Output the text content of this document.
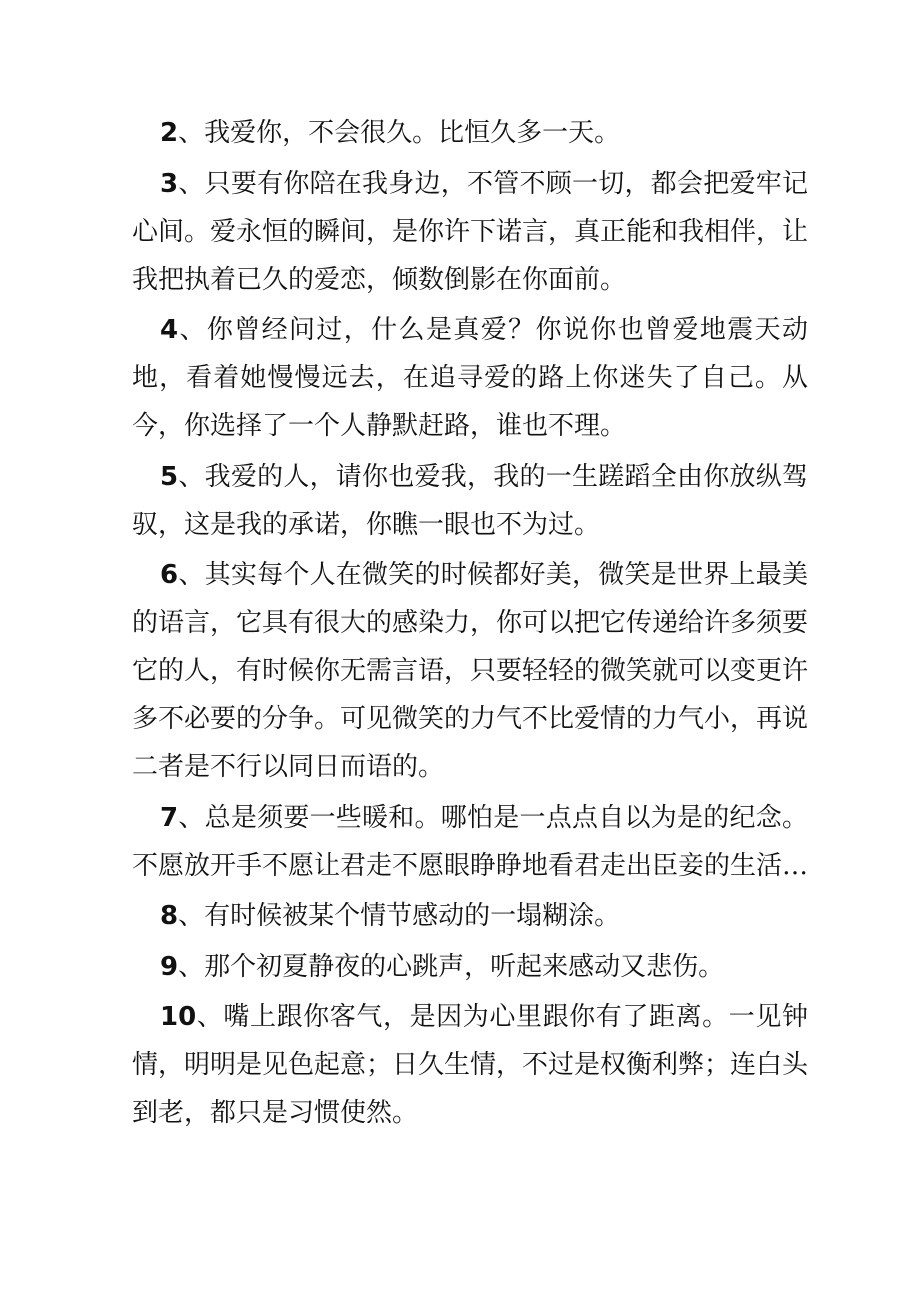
2、我爱你，不会很久。比恒久多一天。

3、只要有你陪在我身边，不管不顾一切，都会把爱牢记心间。爱永恒的瞬间，是你许下诺言，真正能和我相伴，让我把执着已久的爱恋，倾数倒影在你面前。

4、你曾经问过，什么是真爱？你说你也曾爱地震天动地，看着她慢慢远去，在追寻爱的路上你迷失了自己。从今，你选择了一个人静默赶路，谁也不理。

5、我爱的人，请你也爱我，我的一生蹉蹈全由你放纵驾驭，这是我的承诺，你瞧一眼也不为过。

6、其实每个人在微笑的时候都好美，微笑是世界上最美的语言，它具有很大的感染力，你可以把它传递给许多须要它的人，有时候你无需言语，只要轻轻的微笑就可以变更许多不必要的分争。可见微笑的力气不比爱情的力气小，再说二者是不行以同日而语的。

7、总是须要一些暖和。哪怕是一点点自以为是的纪念。不愿放开手不愿让君走不愿眼睁睁地看君走出臣妾的生活…

8、有时候被某个情节感动的一塌糊涂。

9、那个初夏静夜的心跳声，听起来感动又悲伤。

10、嘴上跟你客气，是因为心里跟你有了距离。一见钟情，明明是见色起意；日久生情，不过是权衡利弊；连白头到老，都只是习惯使然。
